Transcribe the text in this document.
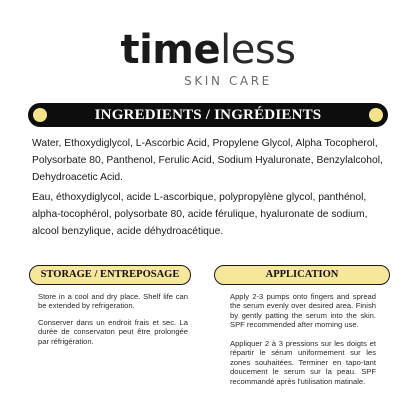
timeless
SKIN CARE
INGREDIENTS / INGRÉDIENTS
Water, Ethoxydiglycol, L-Ascorbic Acid, Propylene Glycol, Alpha Tocopherol, Polysorbate 80, Panthenol, Ferulic Acid, Sodium Hyaluronate, Benzylalcohol, Dehydroacetic Acid.
Eau, éthoxydiglycol, acide L-ascorbique, polypropylène glycol, panthénol, alpha-tocophérol, polysorbate 80, acide férulique, hyaluronate de sodium, alcool benzylique, acide déhydroacétique.
STORAGE / ENTREPOSAGE	APPLICATION
Store in a cool and dry place. Shelf life can be extended by refrigeration.
Conserver dans un endroit frais et sec. La durée de conservaton peut être prolongée par réfrigération.
Apply 2-3 pumps onto fingers and spread the serum evenly over desired area. Finish by gently patting the serum into the skin. SPF recommended after morning use.
Appliquer 2 à 3 pressions sur les doigts et répartir le sérum uniformement sur les zones souhaitées. Terminer en tapo-tant doucement le serum sur la peau. SPF recommandé après l'utilisation matinale.
